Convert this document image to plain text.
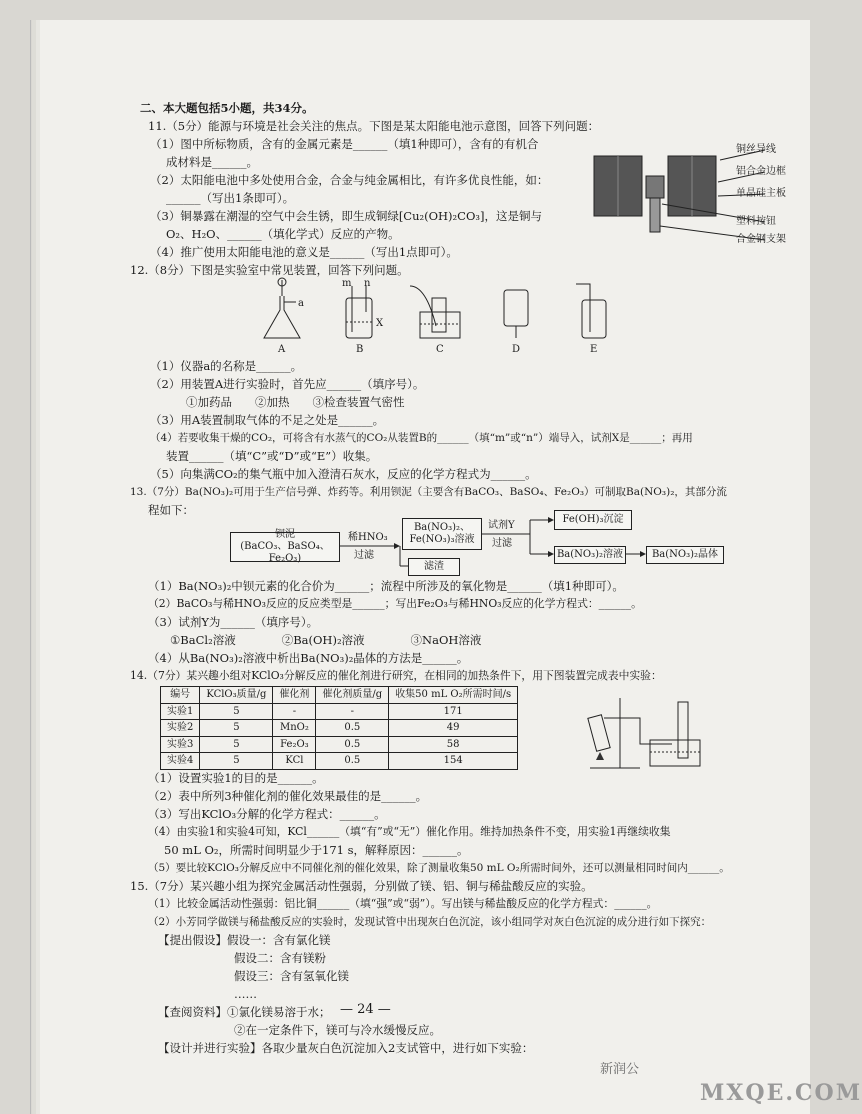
二、本大题包括5小题，共34分。
11.（5分）能源与环境是社会关注的焦点。下图是某太阳能电池示意图，回答下列问题：
（1）图中所标物质，含有的金属元素是______（填1种即可），含有的有机合
成材料是______。
（2）太阳能电池中多处使用合金，合金与纯金属相比，有许多优良性能，如：
______（写出1条即可）。
（3）铜暴露在潮湿的空气中会生锈，即生成铜绿[Cu₂(OH)₂CO₃]，这是铜与
O₂、H₂O、______（填化学式）反应的产物。
（4）推广使用太阳能电池的意义是______（写出1点即可）。
铜丝导线
铝合金边框
单晶硅主板
塑料按钮
合金钢支架
12.（8分）下图是实验室中常见装置，回答下列问题。
A	B	C	D	E
a
m n
X
（1）仪器a的名称是______。
（2）用装置A进行实验时，首先应______（填序号）。
①加药品　　②加热　　③检查装置气密性
（3）用A装置制取气体的不足之处是______。
（4）若要收集干燥的CO₂，可将含有水蒸气的CO₂从装置B的______（填“m”或“n”）端导入，试剂X是______；再用
装置______（填“C”或“D”或“E”）收集。
（5）向集满CO₂的集气瓶中加入澄清石灰水，反应的化学方程式为______。
13.（7分）Ba(NO₃)₂可用于生产信号弹、炸药等。利用钡泥（主要含有BaCO₃、BaSO₄、Fe₂O₃）可制取Ba(NO₃)₂，其部分流
程如下：
钡泥
(BaCO₃、BaSO₄、Fe₂O₃)
稀HNO₃
过滤
Ba(NO₃)₂、
Fe(NO₃)₃溶液
滤渣
试剂Y
过滤
Fe(OH)₃沉淀
Ba(NO₃)₂溶液	Ba(NO₃)₂晶体
（1）Ba(NO₃)₂中钡元素的化合价为______；流程中所涉及的氧化物是______（填1种即可）。
（2）BaCO₃与稀HNO₃反应的反应类型是______；写出Fe₂O₃与稀HNO₃反应的化学方程式：______。
（3）试剂Y为______（填序号）。
①BaCl₂溶液　　　　②Ba(OH)₂溶液　　　　③NaOH溶液
（4）从Ba(NO₃)₂溶液中析出Ba(NO₃)₂晶体的方法是______。
14.（7分）某兴趣小组对KClO₃分解反应的催化剂进行研究，在相同的加热条件下，用下图装置完成表中实验：
编号	KClO₃质量/g	催化剂	催化剂质量/g	收集50 mL O₂所需时间/s
实验1	5	-	-	171
实验2	5	MnO₂	0.5	49
实验3	5	Fe₂O₃	0.5	58
实验4	5	KCl	0.5	154
（1）设置实验1的目的是______。
（2）表中所列3种催化剂的催化效果最佳的是______。
（3）写出KClO₃分解的化学方程式：______。
（4）由实验1和实验4可知，KCl______（填“有”或“无”）催化作用。维持加热条件不变，用实验1再继续收集
50 mL O₂，所需时间明显少于171 s，解释原因：______。
（5）要比较KClO₃分解反应中不同催化剂的催化效果，除了测量收集50 mL O₂所需时间外，还可以测量相同时间内______。
15.（7分）某兴趣小组为探究金属活动性强弱，分别做了镁、铝、铜与稀盐酸反应的实验。
（1）比较金属活动性强弱：铝比铜______（填“强”或“弱”）。写出镁与稀盐酸反应的化学方程式：______。
（2）小芳同学做镁与稀盐酸反应的实验时，发现试管中出现灰白色沉淀，该小组同学对灰白色沉淀的成分进行如下探究：
【提出假设】假设一：含有氯化镁
假设二：含有镁粉
假设三：含有氢氧化镁
……
【查阅资料】①氯化镁易溶于水；
②在一定条件下，镁可与冷水缓慢反应。
【设计并进行实验】各取少量灰白色沉淀加入2支试管中，进行如下实验：
— 24 —
新润公
MXQE.COM
